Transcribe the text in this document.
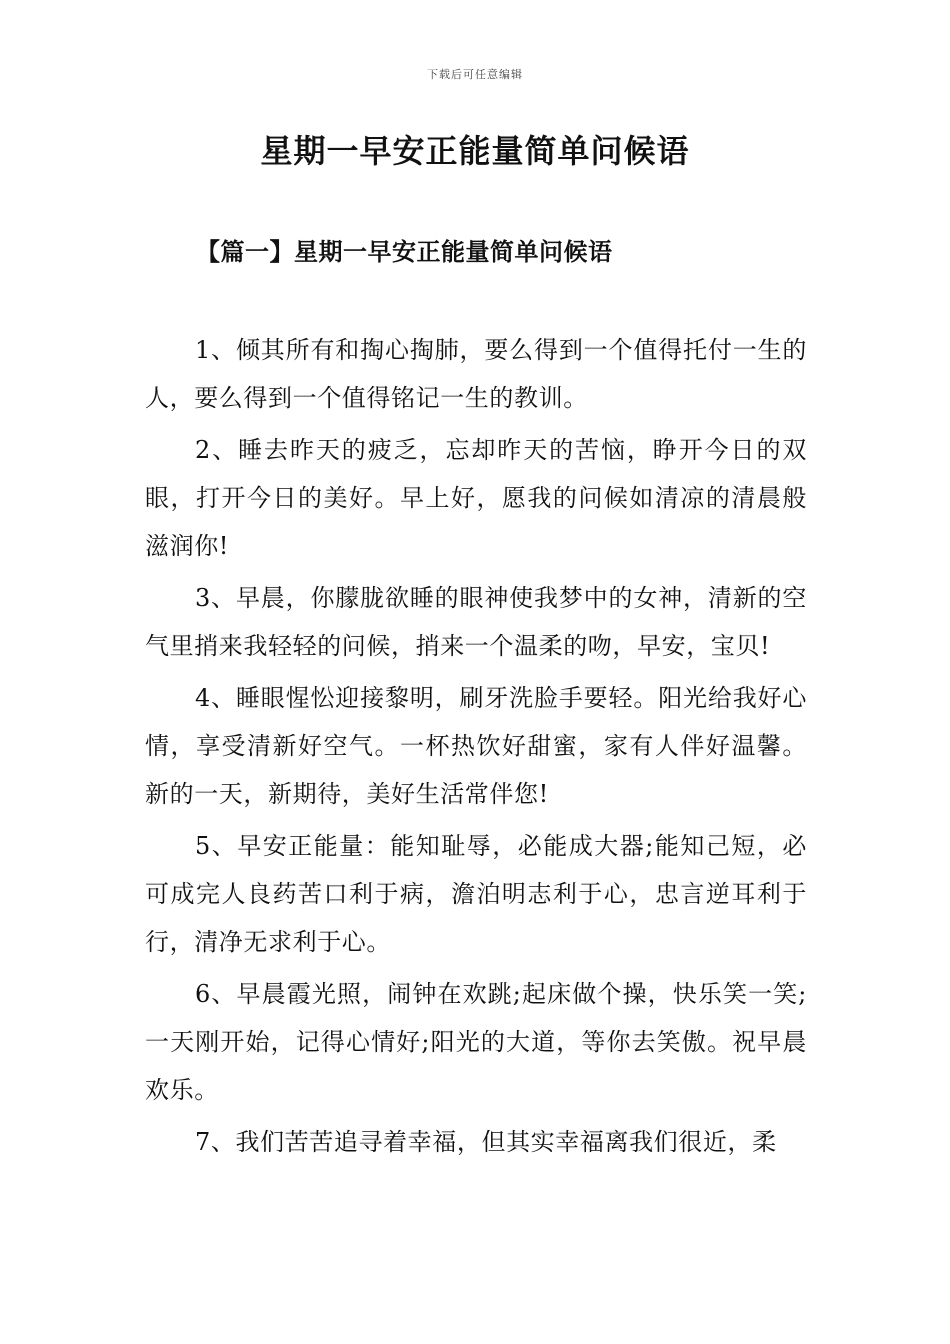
下载后可任意编辑
星期一早安正能量简单问候语
【篇一】星期一早安正能量简单问候语

1、倾其所有和掏心掏肺，要么得到一个值得托付一生的人，要么得到一个值得铭记一生的教训。

2、睡去昨天的疲乏，忘却昨天的苦恼，睁开今日的双眼，打开今日的美好。早上好，愿我的问候如清凉的清晨般滋润你!

3、早晨，你朦胧欲睡的眼神使我梦中的女神，清新的空气里捎来我轻轻的问候，捎来一个温柔的吻，早安，宝贝!

4、睡眼惺忪迎接黎明，刷牙洗脸手要轻。阳光给我好心情，享受清新好空气。一杯热饮好甜蜜，家有人伴好温馨。新的一天，新期待，美好生活常伴您!

5、早安正能量：能知耻辱，必能成大器;能知己短，必可成完人良药苦口利于病，澹泊明志利于心，忠言逆耳利于行，清净无求利于心。

6、早晨霞光照，闹钟在欢跳;起床做个操，快乐笑一笑;一天刚开始，记得心情好;阳光的大道，等你去笑傲。祝早晨欢乐。

7、我们苦苦追寻着幸福，但其实幸福离我们很近，柔
